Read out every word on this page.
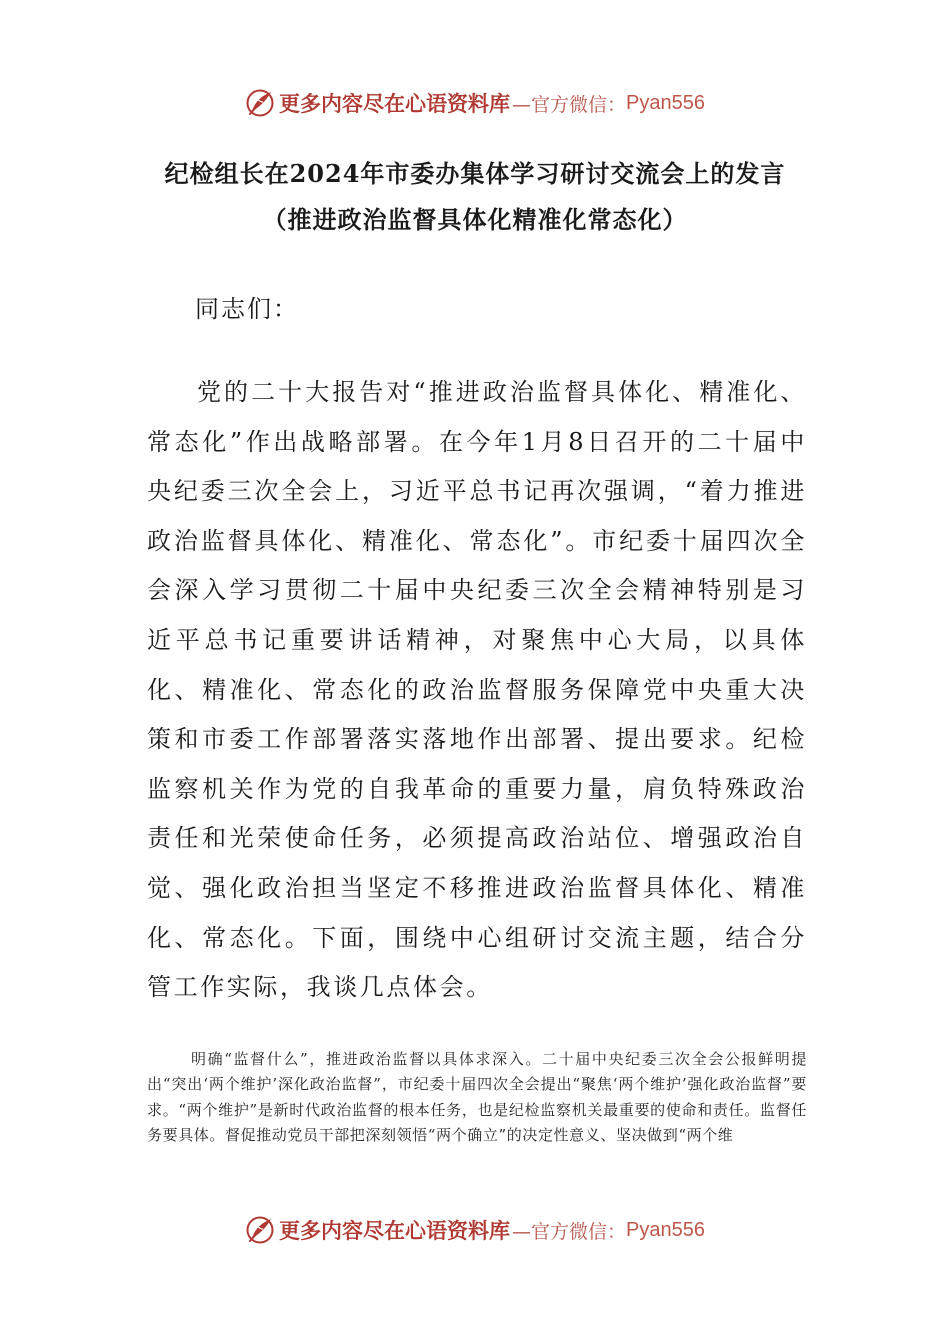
更多内容尽在心语资料库 —官方微信： Pyan556
纪检组长在2024年市委办集体学习研讨交流会上的发言
（推进政治监督具体化精准化常态化）
同志们：

党的二十大报告对“推进政治监督具体化、精准化、常态化”作出战略部署。在今年1月8日召开的二十届中央纪委三次全会上，习近平总书记再次强调，“着力推进政治监督具体化、精准化、常态化”。市纪委十届四次全会深入学习贯彻二十届中央纪委三次全会精神特别是习近平总书记重要讲话精神，对聚焦中心大局，以具体化、精准化、常态化的政治监督服务保障党中央重大决策和市委工作部署落实落地作出部署、提出要求。纪检监察机关作为党的自我革命的重要力量，肩负特殊政治责任和光荣使命任务，必须提高政治站位、增强政治自觉、强化政治担当坚定不移推进政治监督具体化、精准化、常态化。下面，围绕中心组研讨交流主题，结合分管工作实际，我谈几点体会。

明确“监督什么”，推进政治监督以具体求深入。二十届中央纪委三次全会公报鲜明提出“突出‘两个维护’深化政治监督”，市纪委十届四次全会提出“聚焦‘两个维护’强化政治监督”要求。“两个维护”是新时代政治监督的根本任务，也是纪检监察机关最重要的使命和责任。监督任务要具体。督促推动党员干部把深刻领悟“两个确立”的决定性意义、坚决做到“两个维

更多内容尽在心语资料库 —官方微信： Pyan556
